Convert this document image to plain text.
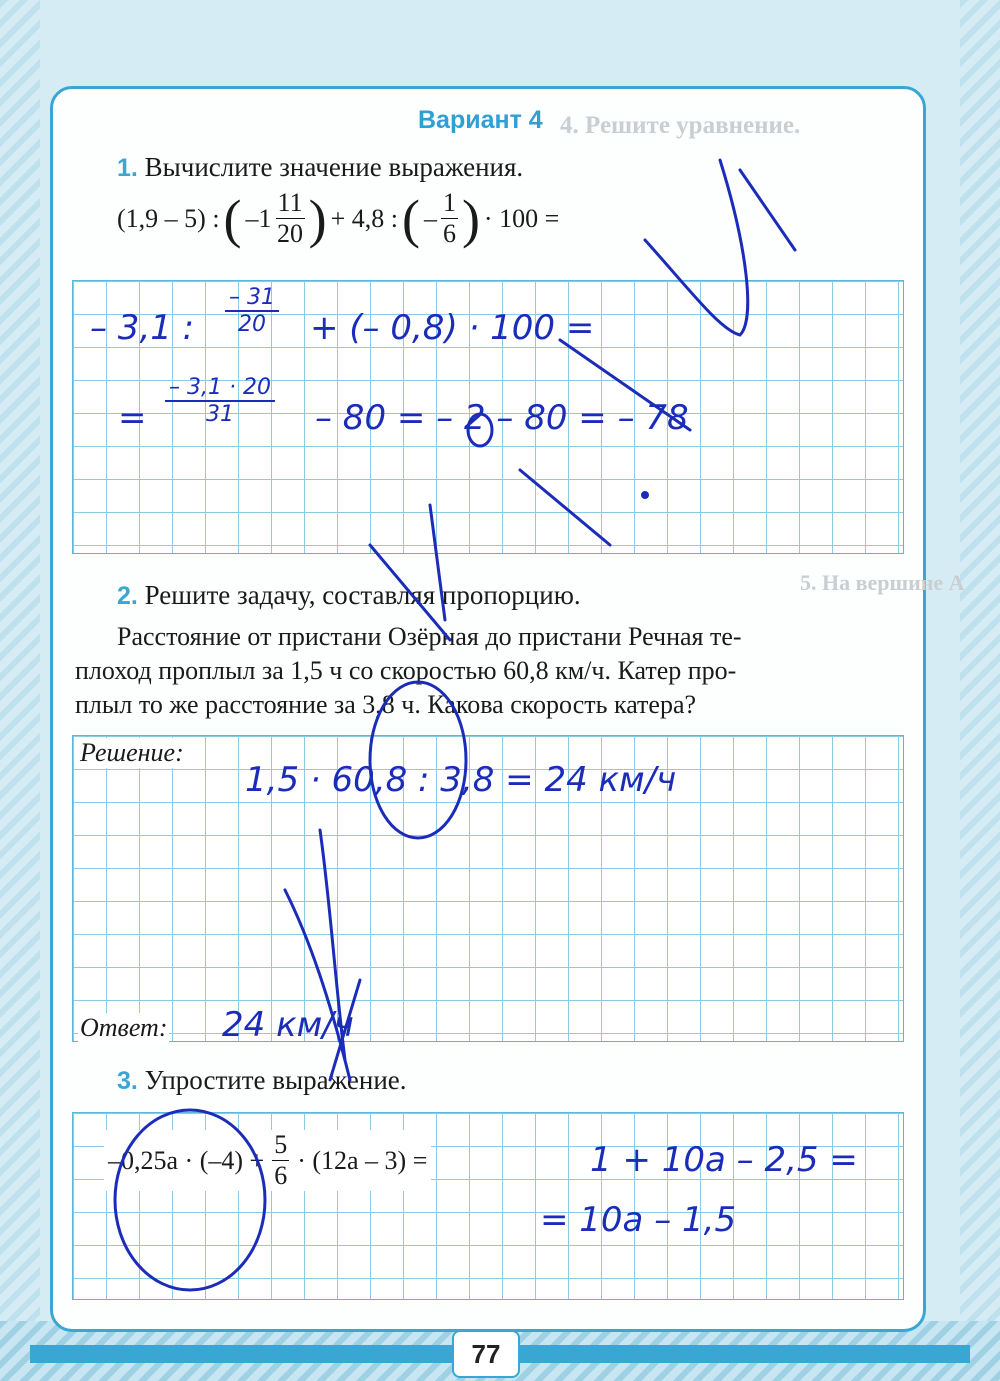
4. Решите уравнение.
5. На вершине А
Вариант 4
1. Вычислите значение выражения.
(1,9 – 5) : ( $-1 \frac{11}{20}$ ) + 4,8 : ( – $\frac{1}{6}$ ) · 100 =
– 3,1 : $\frac{- 31}{20}$ + (– 0,8) · 100 =
= $\frac{- 3,1 \cdot 20}{31} - 80$ = – 2 – 80 = – 78
2. Решите задачу, составляя пропорцию.
Расстояние от пристани Озёрная до пристани Речная те-
плоход проплыл за 1,5 ч со скоростью 60,8 км/ч. Катер про-
плыл то же расстояние за 3,8 ч. Какова скорость катера?
Решение:
Ответ:
1,5 · 60,8 : 3,8 = 24 км/ч
24 км/ч
3. Упростите выражение.
$-0,25a \cdot (-4) + \frac{5}{6} \cdot (12a - 3)$ =	1 + 10a – 2,5 =
= 10a – 1,5
77
